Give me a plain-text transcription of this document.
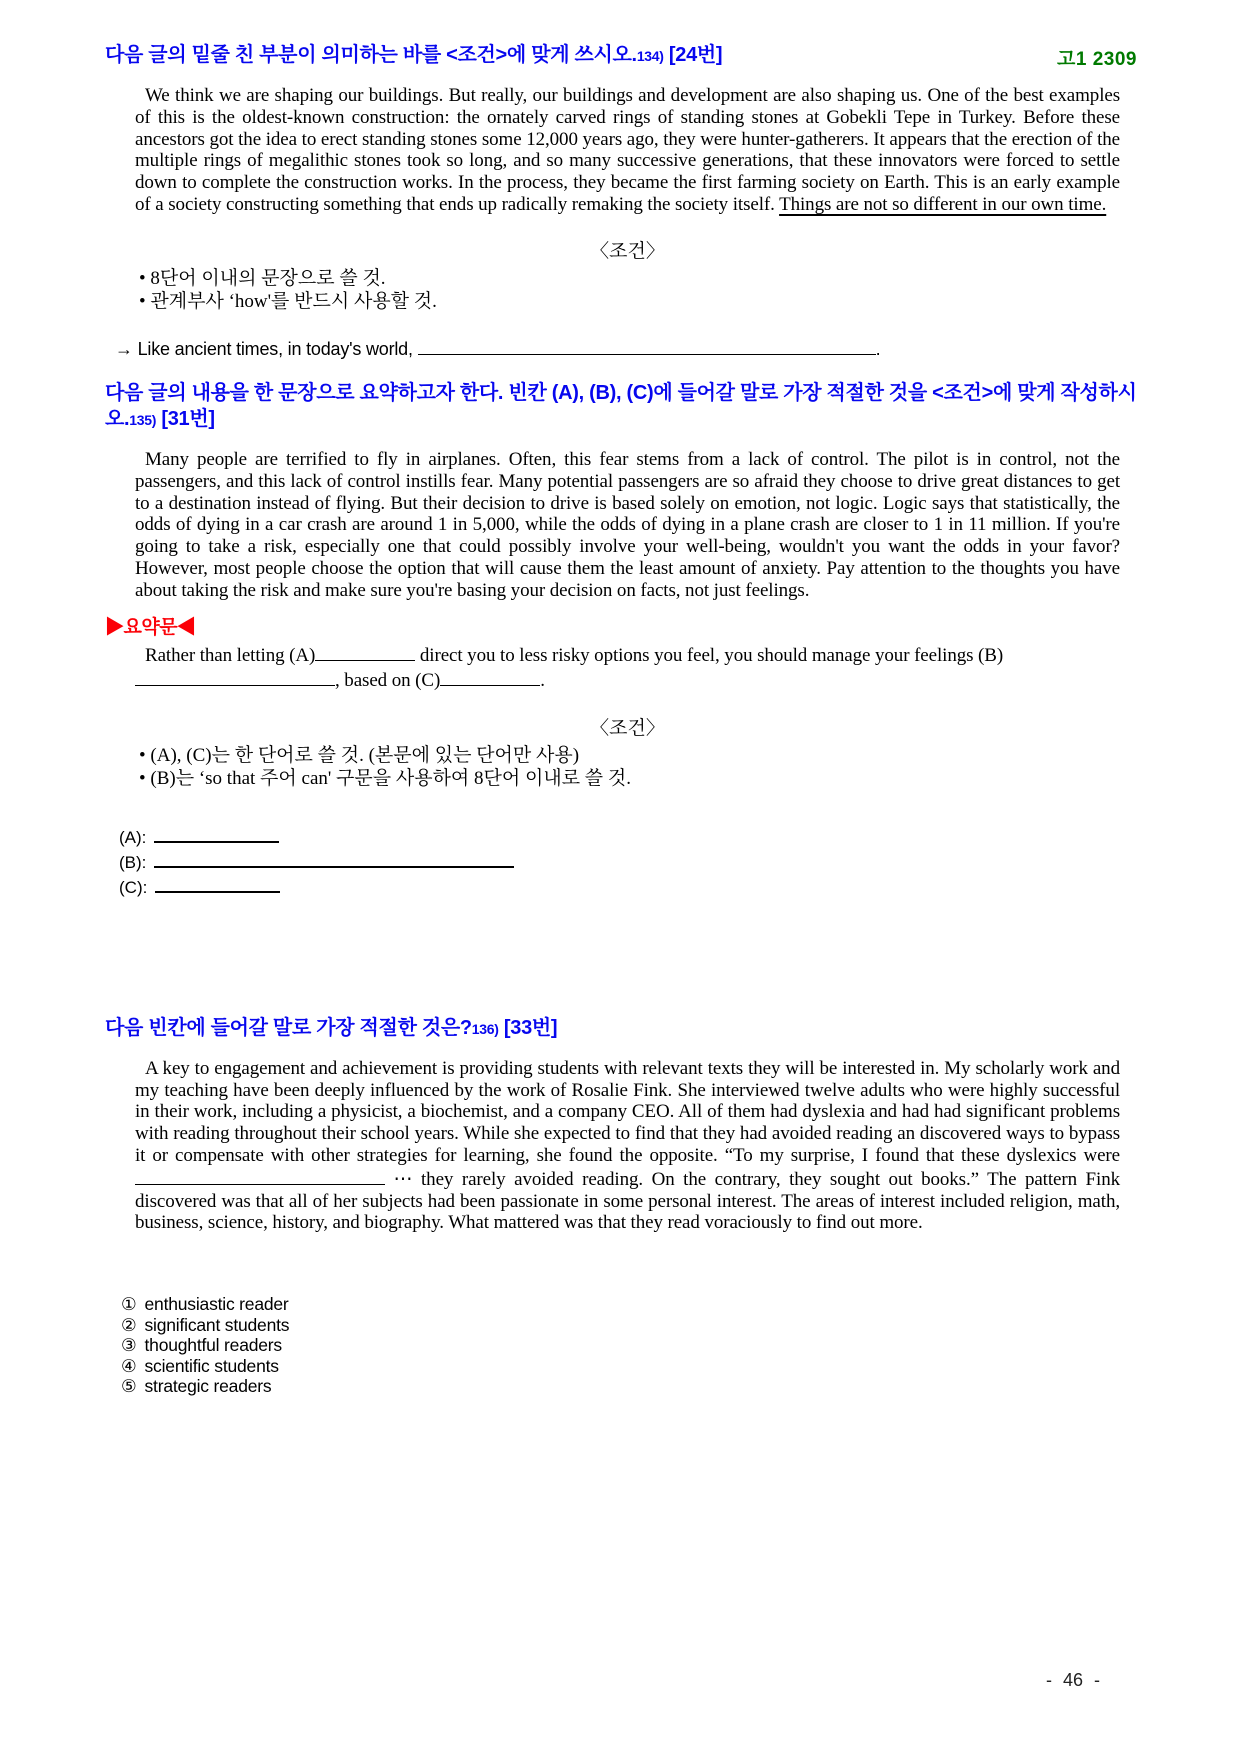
고1 2309
다음 글의 밑줄 친 부분이 의미하는 바를 <조건>에 맞게 쓰시오.134) [24번]

We think we are shaping our buildings. But really, our buildings and development are also shaping us. One of the best examples of this is the oldest-known construction: the ornately carved rings of standing stones at Gobekli Tepe in Turkey. Before these ancestors got the idea to erect standing stones some 12,000 years ago, they were hunter-gatherers. It appears that the erection of the multiple rings of megalithic stones took so long, and so many successive generations, that these innovators were forced to settle down to complete the construction works. In the process, they became the first farming society on Earth. This is an early example of a society constructing something that ends up radically remaking the society itself. Things are not so different in our own time.

〈조건〉
• 8단어 이내의 문장으로 쓸 것.
• 관계부사 ‘how'를 반드시 사용할 것.
→ Like ancient times, in today's world,	.
다음 글의 내용을 한 문장으로 요약하고자 한다. 빈칸 (A), (B), (C)에 들어갈 말로 가장 적절한 것을 <조건>에 맞게 작성하시오.135) [31번]

Many people are terrified to fly in airplanes. Often, this fear stems from a lack of control. The pilot is in control, not the passengers, and this lack of control instills fear. Many potential passengers are so afraid they choose to drive great distances to get to a destination instead of flying. But their decision to drive is based solely on emotion, not logic. Logic says that statistically, the odds of dying in a car crash are around 1 in 5,000, while the odds of dying in a plane crash are closer to 1 in 11 million. If you're going to take a risk, especially one that could possibly involve your well-being, wouldn't you want the odds in your favor? However, most people choose the option that will cause them the least amount of anxiety. Pay attention to the thoughts you have about taking the risk and make sure you're basing your decision on facts, not just feelings.

▶요약문◀

Rather than letting (A)	direct you to less risky options you feel, you should manage your feelings (B), based on (C)	.

〈조건〉
• (A), (C)는 한 단어로 쓸 것. (본문에 있는 단어만 사용)
• (B)는 ‘so that 주어 can' 구문을 사용하여 8단어 이내로 쓸 것.
(A):
(B):
(C):
다음 빈칸에 들어갈 말로 가장 적절한 것은?136) [33번]

A key to engagement and achievement is providing students with relevant texts they will be interested in. My scholarly work and my teaching have been deeply influenced by the work of Rosalie Fink. She interviewed twelve adults who were highly successful in their work, including a physicist, a biochemist, and a company CEO. All of them had dyslexia and had had significant problems with reading throughout their school years. While she expected to find that they had avoided reading an discovered ways to bypass it or compensate with other strategies for learning, she found the opposite. “To my surprise, I found that these dyslexics were  ⋯ they rarely avoided reading. On the contrary, they sought out books.” The pattern Fink discovered was that all of her subjects had been passionate in some personal interest. The areas of interest included religion, math, business, science, history, and biography. What mattered was that they read voraciously to find out more.

① enthusiastic reader
② significant students
③ thoughtful readers
④ scientific students
⑤ strategic readers
- 46 -
